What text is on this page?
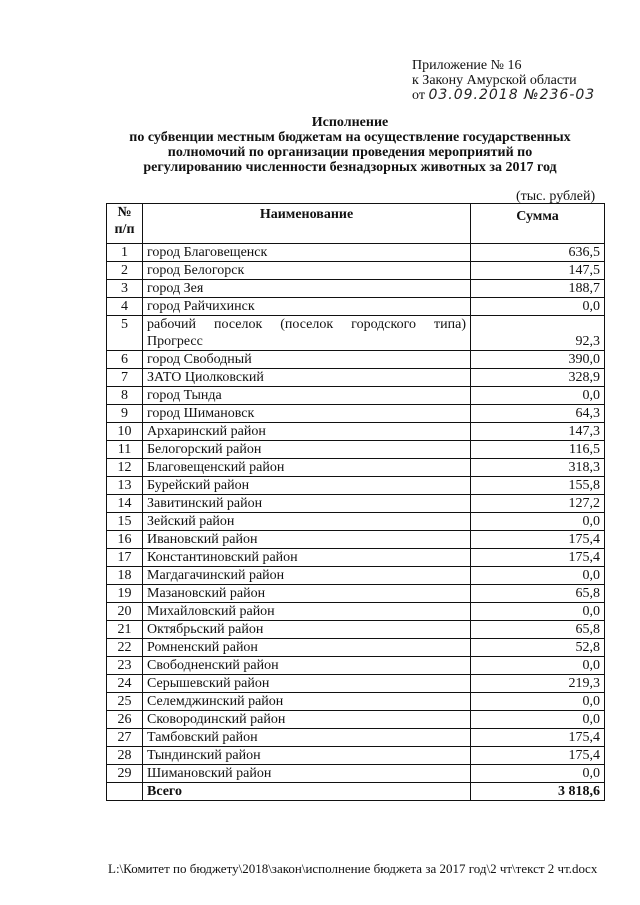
Приложение № 16
к Закону Амурской области
от 03.09.2018 №236-03
Исполнение
по субвенции местным бюджетам на осуществление государственных
полномочий по организации проведения мероприятий по
регулированию численности безнадзорных животных за 2017 год
(тыс. рублей)
№
п/п	Наименование	Сумма
1	город Благовещенск	636,5
2	город Белогорск	147,5
3	город Зея	188,7
4	город Райчихинск	0,0
5	рабочий поселок (поселок городского типа) Прогресс	92,3
6	город Свободный	390,0
7	ЗАТО Циолковский	328,9
8	город Тында	0,0
9	город Шимановск	64,3
10	Архаринский район	147,3
11	Белогорский район	116,5
12	Благовещенский район	318,3
13	Бурейский район	155,8
14	Завитинский район	127,2
15	Зейский район	0,0
16	Ивановский район	175,4
17	Константиновский район	175,4
18	Магдагачинский район	0,0
19	Мазановский район	65,8
20	Михайловский район	0,0
21	Октябрьский район	65,8
22	Ромненский район	52,8
23	Свободненский район	0,0
24	Серышевский район	219,3
25	Селемджинский район	0,0
26	Сковородинский район	0,0
27	Тамбовский район	175,4
28	Тындинский район	175,4
29	Шимановский район	0,0
	Всего	3 818,6
L:\Комитет по бюджету\2018\закон\исполнение бюджета за 2017 год\2 чт\текст 2 чт.docx
